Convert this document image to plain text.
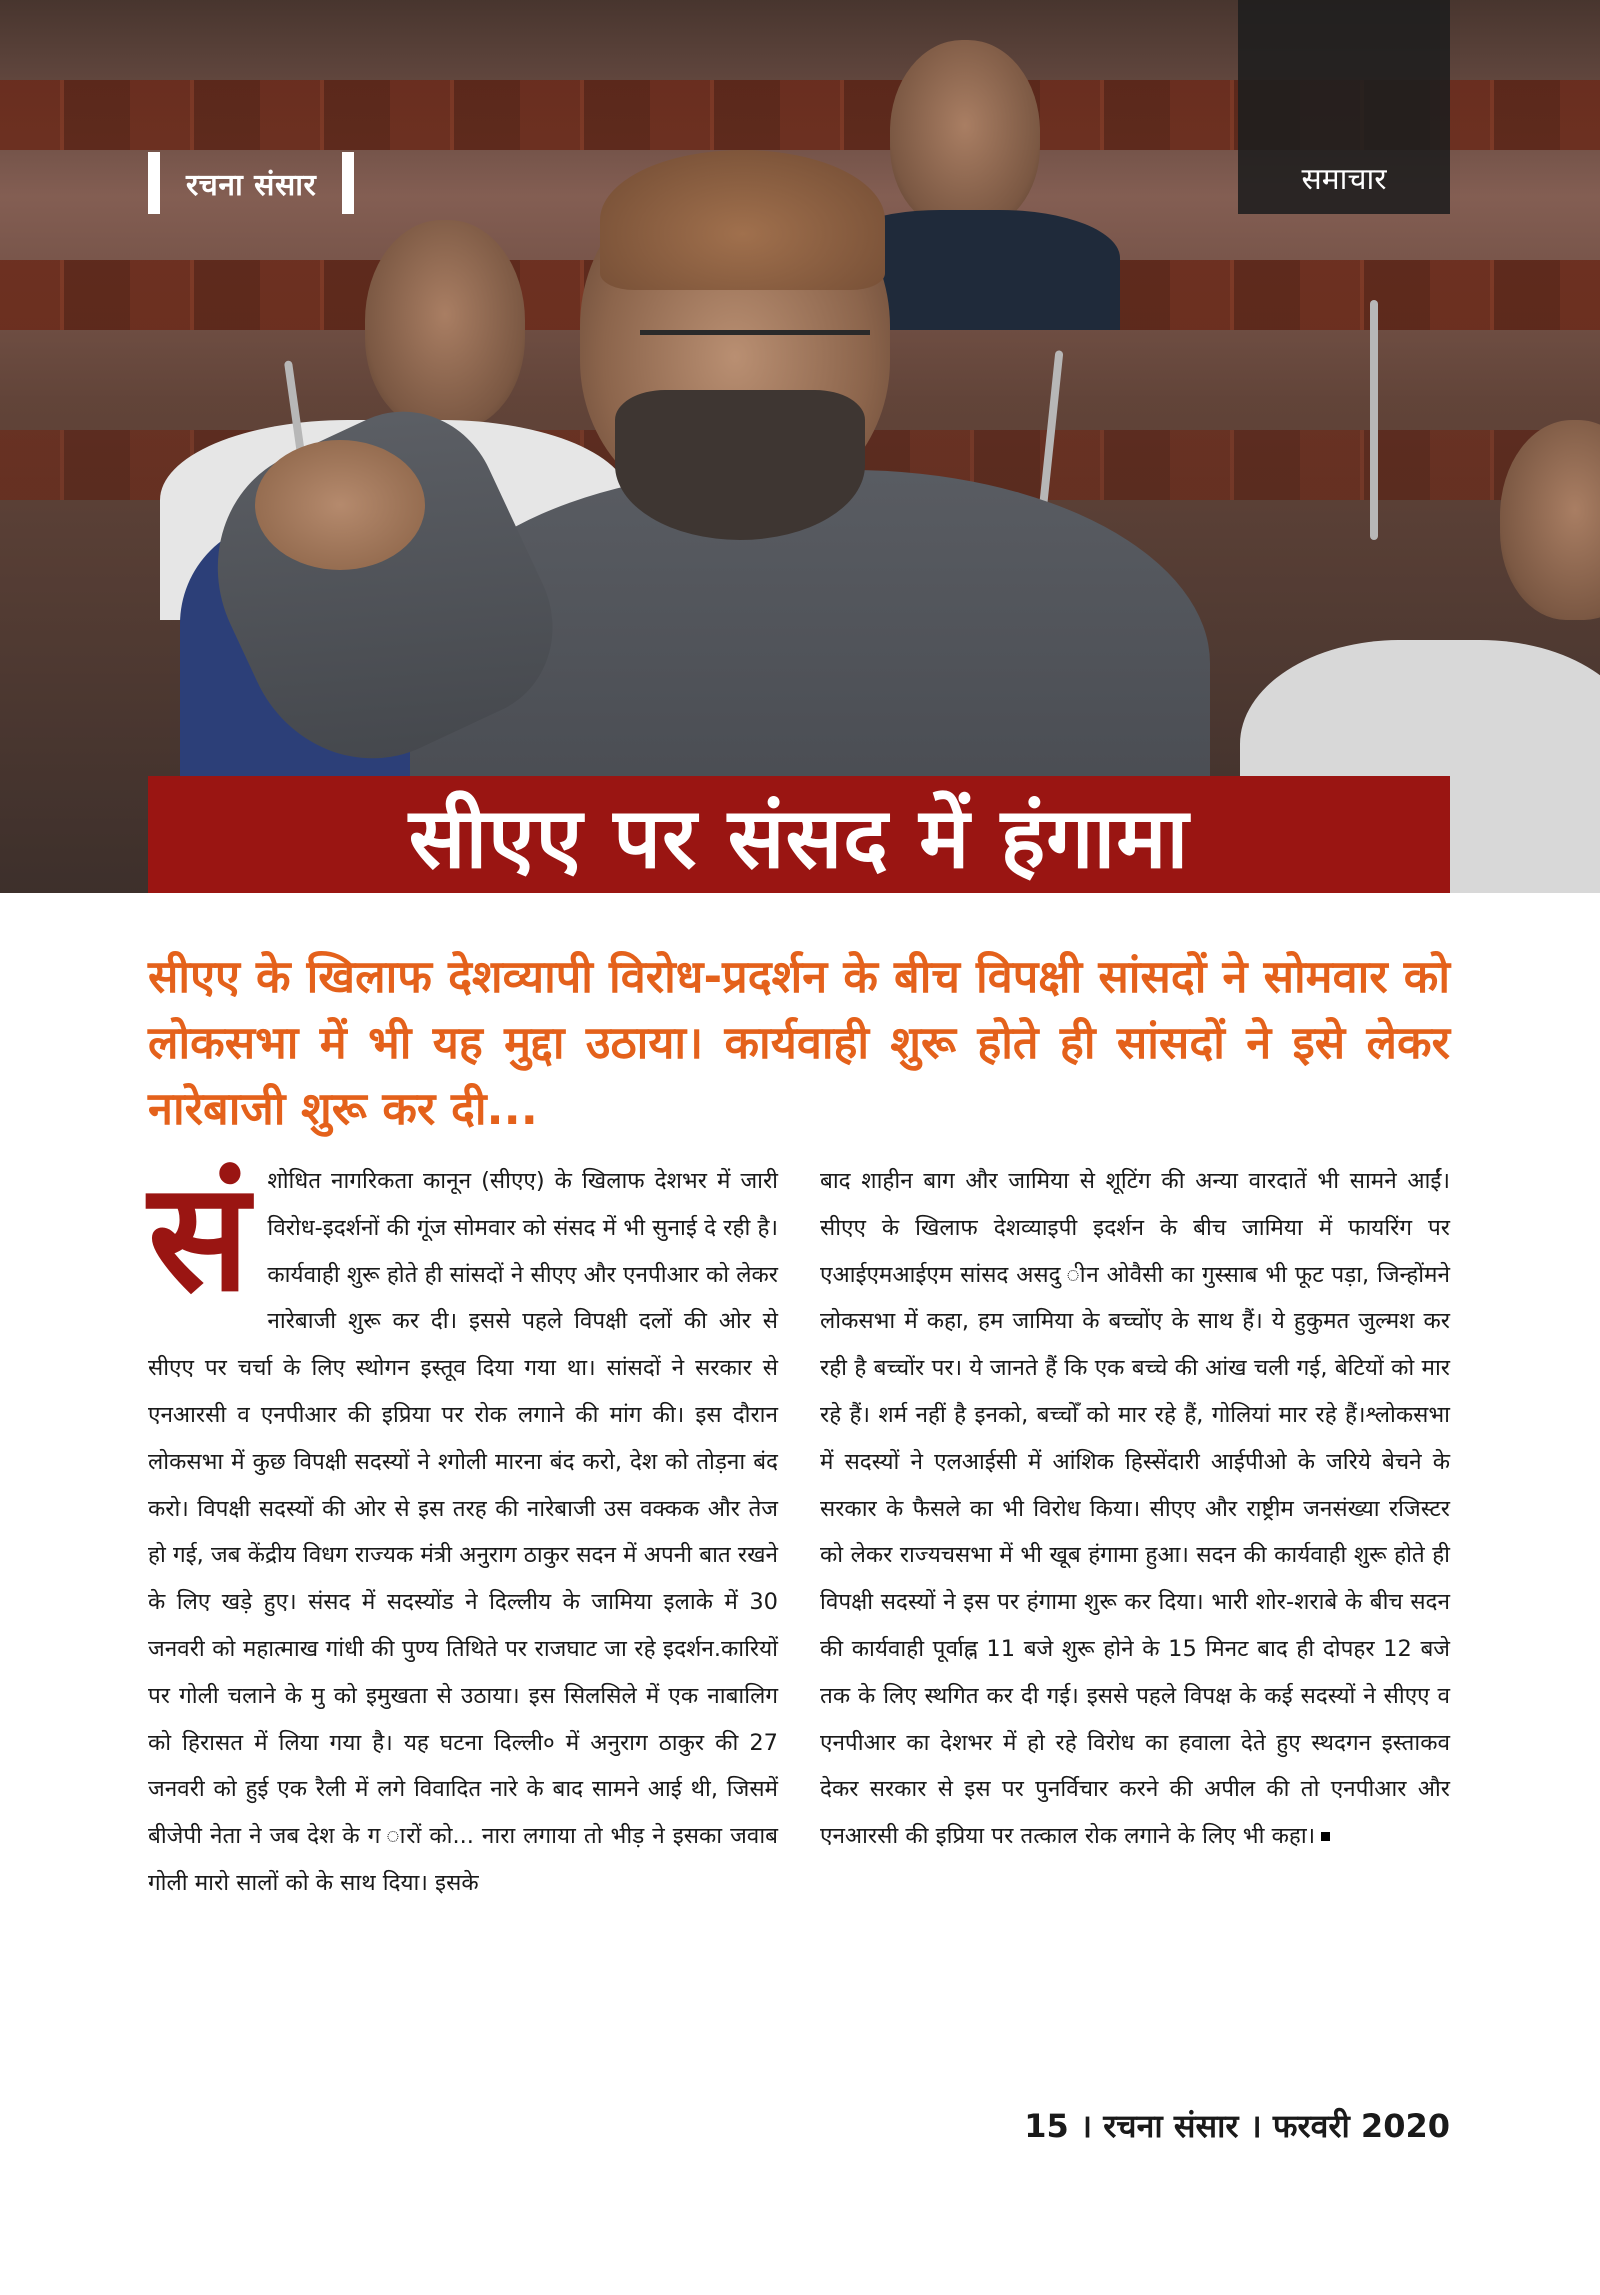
रचना संसार	समाचार
सीएए पर संसद में हंगामा

सीएए के खिलाफ देशव्यापी विरोध-प्रदर्शन के बीच विपक्षी सांसदों ने सोमवार को लोकसभा में भी यह मुद्दा उठाया। कार्यवाही शुरू होते ही सांसदों ने इसे लेकर नारेबाजी शुरू कर दी...

संशोधित नागरिकता कानून (सीएए) के खिलाफ देशभर में जारी विरोध-इदर्शनों की गूंज सोमवार को संसद में भी सुनाई दे रही है। कार्यवाही शुरू होते ही सांसदों ने सीएए और एनपीआर को लेकर नारेबाजी शुरू कर दी। इससे पहले विपक्षी दलों की ओर से सीएए पर चर्चा के लिए स्थोगन इस्तूव दिया गया था। सांसदों ने सरकार से एनआरसी व एनपीआर की इप्रिया पर रोक लगाने की मांग की। इस दौरान लोकसभा में कुछ विपक्षी सदस्यों ने श्गोली मारना बंद करो, देश को तोड़ना बंद करो। विपक्षी सदस्यों की ओर से इस तरह की नारेबाजी उस वक्कक और तेज हो गई, जब केंद्रीय विधग राज्यक मंत्री अनुराग ठाकुर सदन में अपनी बात रखने के लिए खड़े हुए। संसद में सदस्योंड ने दिल्लीय के जामिया इलाके में 30 जनवरी को महात्माख गांधी की पुण्य तिथिते पर राजघाट जा रहे इदर्शन.कारियों पर गोली चलाने के मु को इमुखता से उठाया। इस सिलसिले में एक नाबालिग को हिरासत में लिया गया है। यह घटना दिल्ली० में अनुराग ठाकुर की 27 जनवरी को हुई एक रैली में लगे विवादित नारे के बाद सामने आई थी, जिसमें बीजेपी नेता ने जब देश के ग ारों को... नारा लगाया तो भीड़ ने इसका जवाब गोली मारो सालों को के साथ दिया। इसके

बाद शाहीन बाग और जामिया से शूटिंग की अन्या वारदातें भी सामने आईं। सीएए के खिलाफ देशव्याइपी इदर्शन के बीच जामिया में फायरिंग पर एआईएमआईएम सांसद असदु ीन ओवैसी का गुस्साब भी फूट पड़ा, जिन्होंमने लोकसभा में कहा, हम जामिया के बच्चोंए के साथ हैं। ये हुकुमत जुल्मश कर रही है बच्चोंर पर। ये जानते हैं कि एक बच्चे की आंख चली गई, बेटियों को मार रहे हैं। शर्म नहीं है इनको, बच्चोँ को मार रहे हैं, गोलियां मार रहे हैं।श्लोकसभा में सदस्यों ने एलआईसी में आंशिक हिस्सेंदारी आईपीओ के जरिये बेचने के सरकार के फैसले का भी विरोध किया। सीएए और राष्ट्रीम जनसंख्या रजिस्टर को लेकर राज्यचसभा में भी खूब हंगामा हुआ। सदन की कार्यवाही शुरू होते ही विपक्षी सदस्यों ने इस पर हंगामा शुरू कर दिया। भारी शोर-शराबे के बीच सदन की कार्यवाही पूर्वाह्न 11 बजे शुरू होने के 15 मिनट बाद ही दोपहर 12 बजे तक के लिए स्थगित कर दी गई। इससे पहले विपक्ष के कई सदस्यों ने सीएए व एनपीआर का देशभर में हो रहे विरोध का हवाला देते हुए स्थदगन इस्ताकव देकर सरकार से इस पर पुनर्विचार करने की अपील की तो एनपीआर और एनआरसी की इप्रिया पर तत्काल रोक लगाने के लिए भी कहा।

15 । रचना संसार । फरवरी 2020
